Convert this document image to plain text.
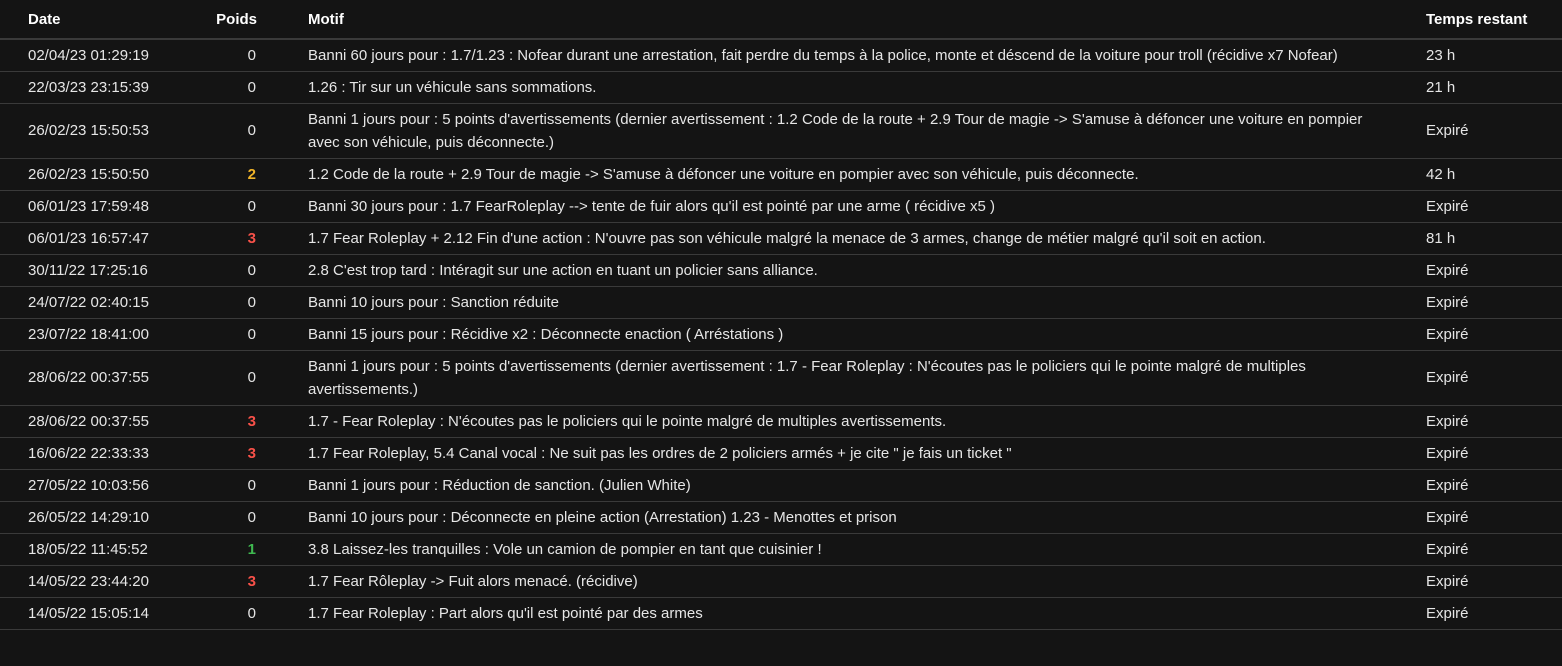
Date	Poids	Motif	Temps restant
02/04/23 01:29:19	0	Banni 60 jours pour : 1.7/1.23 : Nofear durant une arrestation, fait perdre du temps à la police, monte et déscend de la voiture pour troll (récidive x7 Nofear)	23 h
22/03/23 23:15:39	0	1.26 : Tir sur un véhicule sans sommations.	21 h
26/02/23 15:50:53	0	Banni 1 jours pour : 5 points d'avertissements (dernier avertissement : 1.2 Code de la route + 2.9 Tour de magie -> S'amuse à défoncer une voiture en pompier avec son véhicule, puis déconnecte.)	Expiré
26/02/23 15:50:50	2	1.2 Code de la route + 2.9 Tour de magie -> S'amuse à défoncer une voiture en pompier avec son véhicule, puis déconnecte.	42 h
06/01/23 17:59:48	0	Banni 30 jours pour : 1.7 FearRoleplay --> tente de fuir alors qu'il est pointé par une arme ( récidive x5 )	Expiré
06/01/23 16:57:47	3	1.7 Fear Roleplay + 2.12 Fin d'une action : N'ouvre pas son véhicule malgré la menace de 3 armes, change de métier malgré qu'il soit en action.	81 h
30/11/22 17:25:16	0	2.8 C'est trop tard : Intéragit sur une action en tuant un policier sans alliance.	Expiré
24/07/22 02:40:15	0	Banni 10 jours pour : Sanction réduite	Expiré
23/07/22 18:41:00	0	Banni 15 jours pour : Récidive x2 : Déconnecte enaction ( Arréstations )	Expiré
28/06/22 00:37:55	0	Banni 1 jours pour : 5 points d'avertissements (dernier avertissement : 1.7 - Fear Roleplay : N'écoutes pas le policiers qui le pointe malgré de multiples avertissements.)	Expiré
28/06/22 00:37:55	3	1.7 - Fear Roleplay : N'écoutes pas le policiers qui le pointe malgré de multiples avertissements.	Expiré
16/06/22 22:33:33	3	1.7 Fear Roleplay, 5.4 Canal vocal : Ne suit pas les ordres de 2 policiers armés + je cite " je fais un ticket "	Expiré
27/05/22 10:03:56	0	Banni 1 jours pour : Réduction de sanction. (Julien White)	Expiré
26/05/22 14:29:10	0	Banni 10 jours pour : Déconnecte en pleine action (Arrestation) 1.23 - Menottes et prison	Expiré
18/05/22 11:45:52	1	3.8 Laissez-les tranquilles : Vole un camion de pompier en tant que cuisinier !	Expiré
14/05/22 23:44:20	3	1.7 Fear Rôleplay -> Fuit alors menacé. (récidive)	Expiré
14/05/22 15:05:14	0	1.7 Fear Roleplay : Part alors qu'il est pointé par des armes	Expiré
